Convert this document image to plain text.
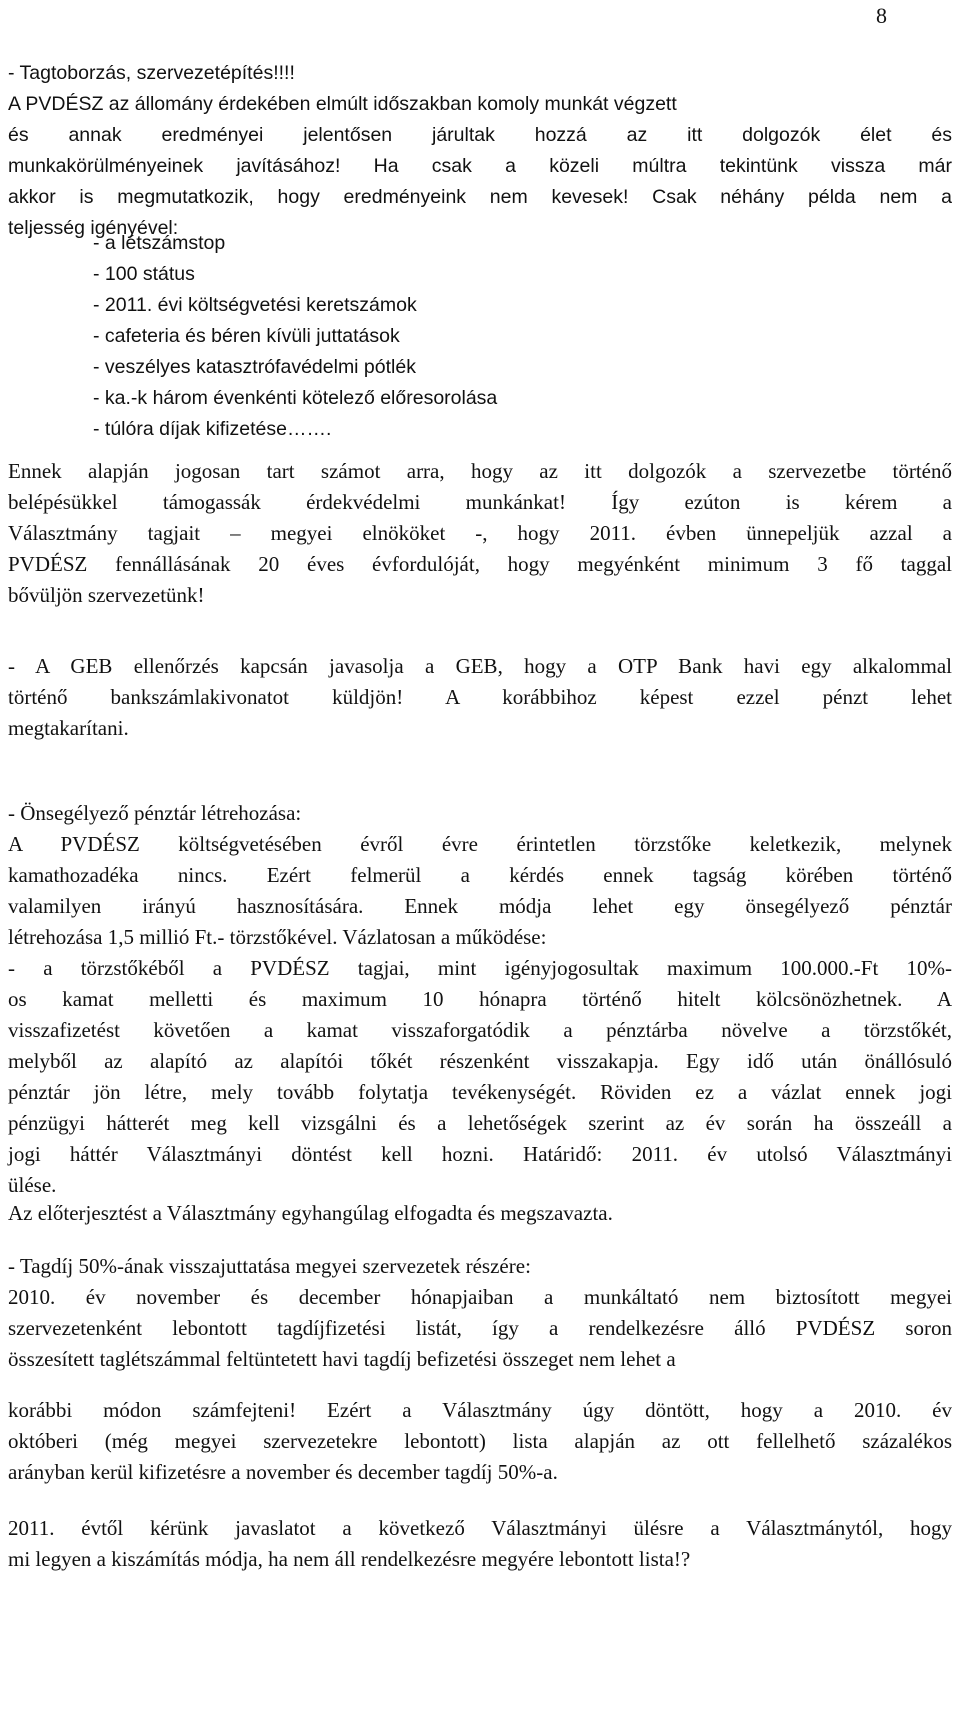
8
- Tagtoborzás, szervezetépítés!!!!
A PVDÉSZ az állomány érdekében elmúlt időszakban komoly munkát végzett
és annak eredményei jelentősen járultak hozzá az itt dolgozók élet és
munkakörülményeinek javításához! Ha csak a közeli múltra tekintünk vissza már
akkor is megmutatkozik, hogy eredményeink nem kevesek! Csak néhány példa nem a
teljesség igényével:
- a létszámstop
- 100 státus
- 2011. évi költségvetési keretszámok
- cafeteria és béren kívüli juttatások
- veszélyes katasztrófavédelmi pótlék
- ka.-k három évenkénti kötelező előresorolása
- túlóra díjak kifizetése…….
Ennek alapján jogosan tart számot arra, hogy az itt dolgozók a szervezetbe történő
belépésükkel támogassák érdekvédelmi munkánkat! Így ezúton is kérem a
Választmány tagjait – megyei elnököket -, hogy 2011. évben ünnepeljük azzal a
PVDÉSZ fennállásának 20 éves évfordulóját, hogy megyénként minimum 3 fő taggal
bővüljön szervezetünk!
- A GEB ellenőrzés kapcsán javasolja a GEB, hogy a OTP Bank havi egy alkalommal
történő bankszámlakivonatot küldjön! A korábbihoz képest ezzel pénzt lehet
megtakarítani.
- Önsegélyező pénztár létrehozása:
A PVDÉSZ költségvetésében évről évre érintetlen törzstőke keletkezik, melynek
kamathozadéka nincs. Ezért felmerül a kérdés ennek tagság körében történő
valamilyen irányú hasznosítására. Ennek módja lehet egy önsegélyező pénztár
létrehozása 1,5 millió Ft.- törzstőkével. Vázlatosan a működése:
- a törzstőkéből a PVDÉSZ tagjai, mint igényjogosultak maximum 100.000.-Ft 10%-
os kamat melletti és maximum 10 hónapra történő hitelt kölcsönözhetnek. A
visszafizetést követően a kamat visszaforgatódik a pénztárba növelve a törzstőkét,
melyből az alapító az alapítói tőkét részenként visszakapja. Egy idő után önállósuló
pénztár jön létre, mely tovább folytatja tevékenységét. Röviden ez a vázlat ennek jogi
pénzügyi hátterét meg kell vizsgálni és a lehetőségek szerint az év során ha összeáll a
jogi háttér Választmányi döntést kell hozni. Határidő: 2011. év utolsó Választmányi
ülése.
Az előterjesztést a Választmány egyhangúlag elfogadta és megszavazta.
- Tagdíj 50%-ának visszajuttatása megyei szervezetek részére:
2010. év november és december hónapjaiban a munkáltató nem biztosított megyei
szervezetenként lebontott tagdíjfizetési listát, így a rendelkezésre álló PVDÉSZ soron
összesített taglétszámmal feltüntetett havi tagdíj befizetési összeget nem lehet a
korábbi módon számfejteni! Ezért a Választmány úgy döntött, hogy a 2010. év
októberi (még megyei szervezetekre lebontott) lista alapján az ott fellelhető százalékos
arányban kerül kifizetésre a november és december tagdíj 50%-a.
2011. évtől kérünk javaslatot a következő Választmányi ülésre a Választmánytól, hogy
mi legyen a kiszámítás módja, ha nem áll rendelkezésre megyére lebontott lista!?
